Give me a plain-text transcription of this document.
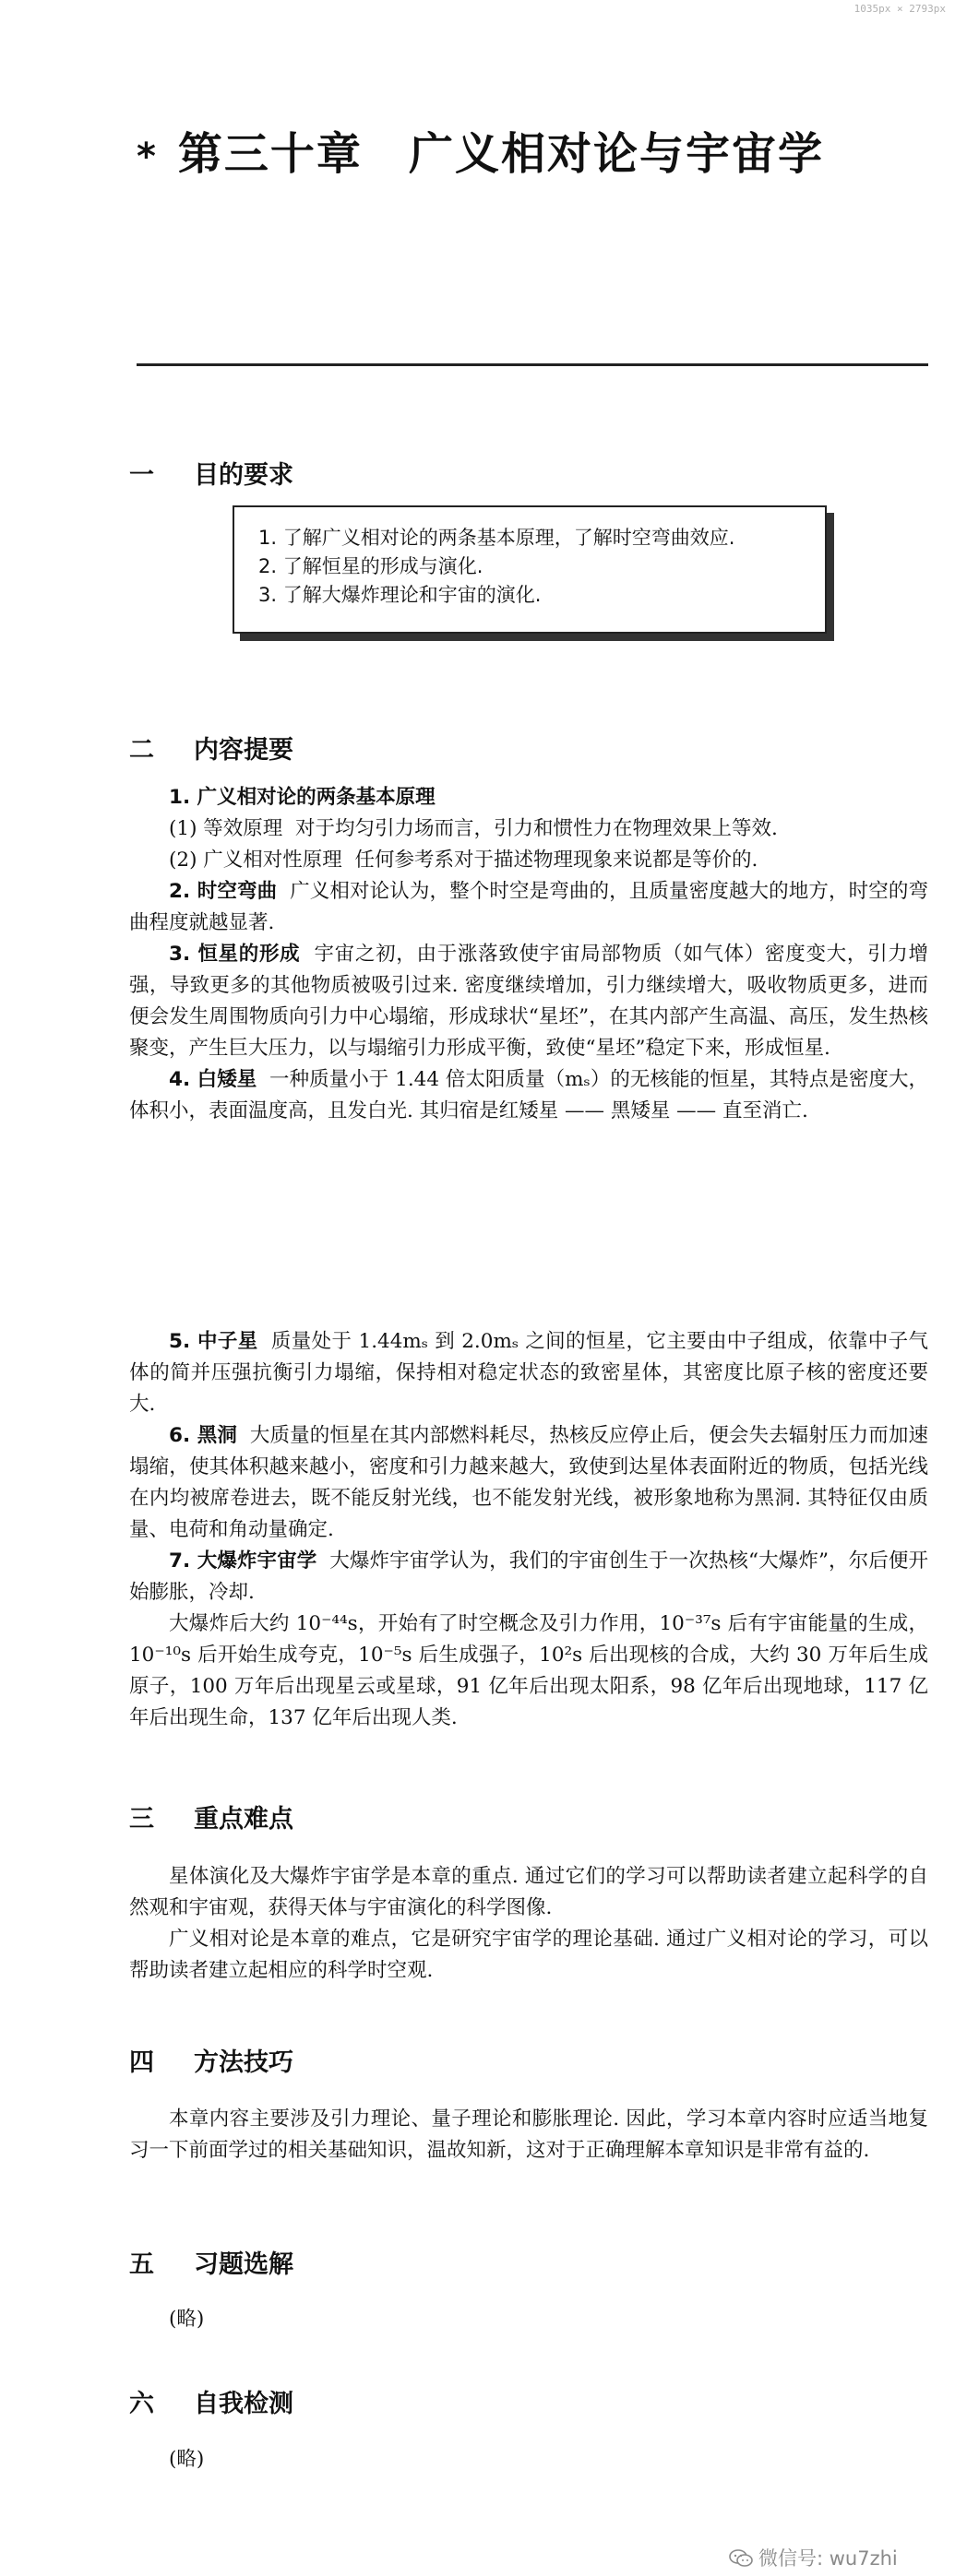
1035px × 2793px
* 第三十章 广义相对论与宇宙学
一 目的要求
1. 了解广义相对论的两条基本原理，了解时空弯曲效应.
2. 了解恒星的形成与演化.
3. 了解大爆炸理论和宇宙的演化.
二 内容提要

1. 广义相对论的两条基本原理

(1) 等效原理 对于均匀引力场而言，引力和惯性力在物理效果上等效.

(2) 广义相对性原理 任何参考系对于描述物理现象来说都是等价的.

2. 时空弯曲 广义相对论认为，整个时空是弯曲的，且质量密度越大的地方，时空的弯曲程度就越显著.

3. 恒星的形成 宇宙之初，由于涨落致使宇宙局部物质（如气体）密度变大，引力增强，导致更多的其他物质被吸引过来. 密度继续增加，引力继续增大，吸收物质更多，进而便会发生周围物质向引力中心塌缩，形成球状“星坯”，在其内部产生高温、高压，发生热核聚变，产生巨大压力，以与塌缩引力形成平衡，致使“星坯”稳定下来，形成恒星.

4. 白矮星 一种质量小于 1.44 倍太阳质量（mₛ）的无核能的恒星，其特点是密度大，体积小，表面温度高，且发白光. 其归宿是红矮星 —— 黑矮星 —— 直至消亡.

5. 中子星 质量处于 1.44mₛ 到 2.0mₛ 之间的恒星，它主要由中子组成，依靠中子气体的简并压强抗衡引力塌缩，保持相对稳定状态的致密星体，其密度比原子核的密度还要大.

6. 黑洞 大质量的恒星在其内部燃料耗尽，热核反应停止后，便会失去辐射压力而加速塌缩，使其体积越来越小，密度和引力越来越大，致使到达星体表面附近的物质，包括光线在内均被席卷进去，既不能反射光线，也不能发射光线，被形象地称为黑洞. 其特征仅由质量、电荷和角动量确定.

7. 大爆炸宇宙学 大爆炸宇宙学认为，我们的宇宙创生于一次热核“大爆炸”，尔后便开始膨胀，冷却.

大爆炸后大约 10⁻⁴⁴s，开始有了时空概念及引力作用，10⁻³⁷s 后有宇宙能量的生成，10⁻¹⁰s 后开始生成夸克，10⁻⁵s 后生成强子，10²s 后出现核的合成，大约 30 万年后生成原子，100 万年后出现星云或星球，91 亿年后出现太阳系，98 亿年后出现地球，117 亿年后出现生命，137 亿年后出现人类.

三 重点难点

星体演化及大爆炸宇宙学是本章的重点. 通过它们的学习可以帮助读者建立起科学的自然观和宇宙观，获得天体与宇宙演化的科学图像.

广义相对论是本章的难点，它是研究宇宙学的理论基础. 通过广义相对论的学习，可以帮助读者建立起相应的科学时空观.

四 方法技巧

本章内容主要涉及引力理论、量子理论和膨胀理论. 因此，学习本章内容时应适当地复习一下前面学过的相关基础知识，温故知新，这对于正确理解本章知识是非常有益的.

五 习题选解

(略)

六 自我检测

(略)

微信号: wu7zhi
